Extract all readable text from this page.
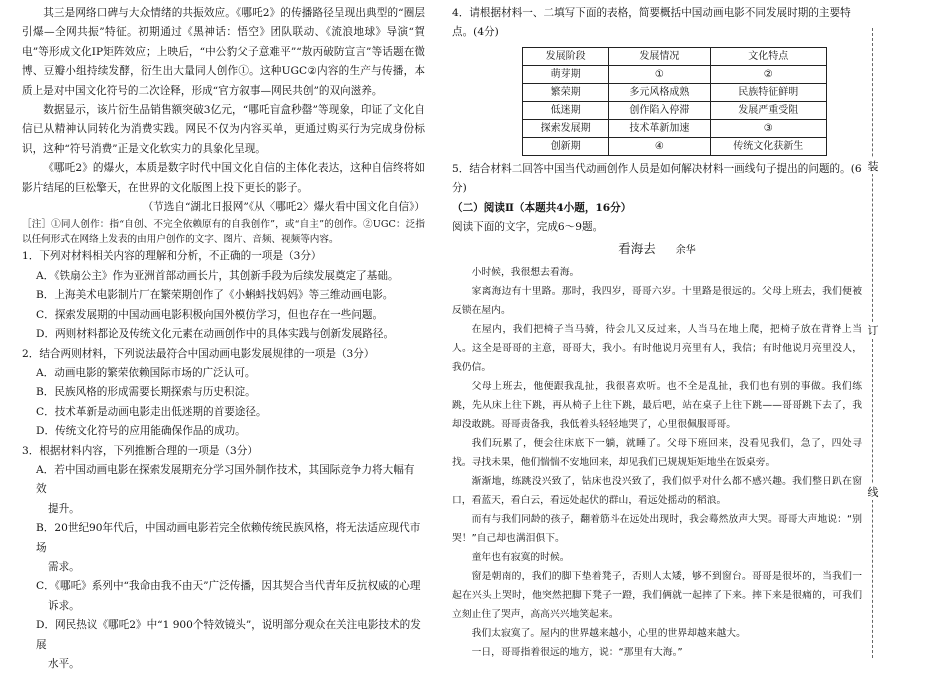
其三是网络口碑与大众情绪的共振效应。《哪吒2》的传播路径呈现出典型的“圈层引爆—全网共振”特征。初期通过《黑神话：悟空》团队联动、《流浪地球》导演“賀电”等形成文化IP矩阵效应；上映后，“中公豹父子意难平”“敖丙破防宣言”等话题在微博、豆瓣小组持续发酵，衍生出大量同人创作①。这种UGC②内容的生产与传播，本质上是对中国文化符号的二次诠释，形成“官方叙事—网民共创”的双向滋养。

数据显示，该片衍生品销售额突破3亿元，“哪吒盲盒秒罄”等现象，印证了文化自信已从精神认同转化为消费实践。网民不仅为内容买单，更通过购买行为完成身份标识，这种“符号消费”正是文化软实力的具象化呈现。

《哪吒2》的爆火，本质是数字时代中国文化自信的主体化表达，这种自信终将如影片结尾的巨松擎天，在世界的文化版图上投下更长的影子。

（节选自“湖北日报网”《从〈哪吒2〉爆火看中国文化自信》）

［注］①同人创作：指“自创、不完全依赖原有的自我创作”，或“自主”的创作。②UGC：泛指以任何形式在网络上发表的由用户创作的文字、图片、音频、视频等内容。

1．下列对材料相关内容的理解和分析，不正确的一项是（3分）

A．《铁扇公主》作为亚洲首部动画长片，其创新手段为后续发展奠定了基础。

B．上海美术电影制片厂在繁荣期创作了《小蝌蚪找妈妈》等三维动画电影。

C．探索发展期的中国动画电影积极向国外模仿学习，但也存在一些问题。

D．两则材料都论及传统文化元素在动画创作中的具体实践与创新发展路径。

2．结合两则材料，下列说法最符合中国动画电影发展规律的一项是（3分）

A．动画电影的繁荣依赖国际市场的广泛认可。

B．民族风格的形成需要长期探索与历史积淀。

C．技术革新是动画电影走出低迷期的首要途径。

D．传统文化符号的应用能确保作品的成功。

3．根据材料内容，下列推断合理的一项是（3分）

A．若中国动画电影在探索发展期充分学习国外制作技术，其国际竞争力将大幅有效

提升。

B．20世纪90年代后，中国动画电影若完全依赖传统民族风格，将无法适应现代市场

需求。

C．《哪吒》系列中“我命由我不由天”广泛传播，因其契合当代青年反抗权威的心理

诉求。

D．网民热议《哪吒2》中“1 900个特效镜头”，说明部分观众在关注电影技术的发展

水平。

4．请根据材料一、二填写下面的表格，简要概括中国动画电影不同发展时期的主要特点。(4分)

发展阶段	发展情况	文化特点
萌芽期	①	②
繁荣期	多元风格成熟	民族特征鲜明
低迷期	创作陷入停滞	发展严重受阻
探索发展期	技术革新加速	③
创新期	④	传统文化获新生

5．结合材料二回答中国当代动画创作人员是如何解决材料一画线句子提出的问题的。(6分)

（二）阅读Ⅱ（本题共4小题，16分）

阅读下面的文字，完成6～9题。

看海去 余华

小时候，我很想去看海。

家离海边有十里路。那时，我四岁，哥哥六岁。十里路是很远的。父母上班去，我们便被反锁在屋内。

在屋内，我们把椅子当马骑，待会儿又反过来，人当马在地上爬，把椅子放在背脊上当人。这全是哥哥的主意，哥哥大，我小。有时他说月亮里有人，我信；有时他说月亮里没人，我仍信。

父母上班去，他便跟我乱扯，我很喜欢听。也不全是乱扯，我们也有别的事做。我们练跳，先从床上往下跳，再从椅子上往下跳，最后吧，站在桌子上往下跳——哥哥跳下去了，我却没敢跳。哥哥责备我，我低着头轻轻地哭了，心里很佩服哥哥。

我们玩累了，便会往床底下一躺，就睡了。父母下班回来，没看见我们，急了，四处寻找。寻找未果，他们惴惴不安地回来，却见我们已规规矩矩地坐在饭桌旁。

渐渐地，练跳没兴致了，钻床也没兴致了，我们似乎对什么都不感兴趣。我们整日趴在窗口，看蓝天，看白云，看远处起伏的群山，看远处摇动的稻浪。

而有与我们同龄的孩子，翻着筋斗在远处出现时，我会蓦然放声大哭。哥哥大声地说：“别哭！”自己却也满泪俱下。

童年也有寂寞的时候。

窗是朝南的，我们的脚下垫着凳子，否则人太矮，够不到窗台。哥哥是很坏的，当我们一起在兴头上哭时，他突然把脚下凳子一蹬，我们俩就一起摔了下来。摔下来是很痛的，可我们立刻止住了哭声，高高兴兴地笑起来。

我们太寂寞了。屋内的世界越来越小，心里的世界却越来越大。

一日，哥哥指着很远的地方，说：“那里有大海。”

装
订
线
